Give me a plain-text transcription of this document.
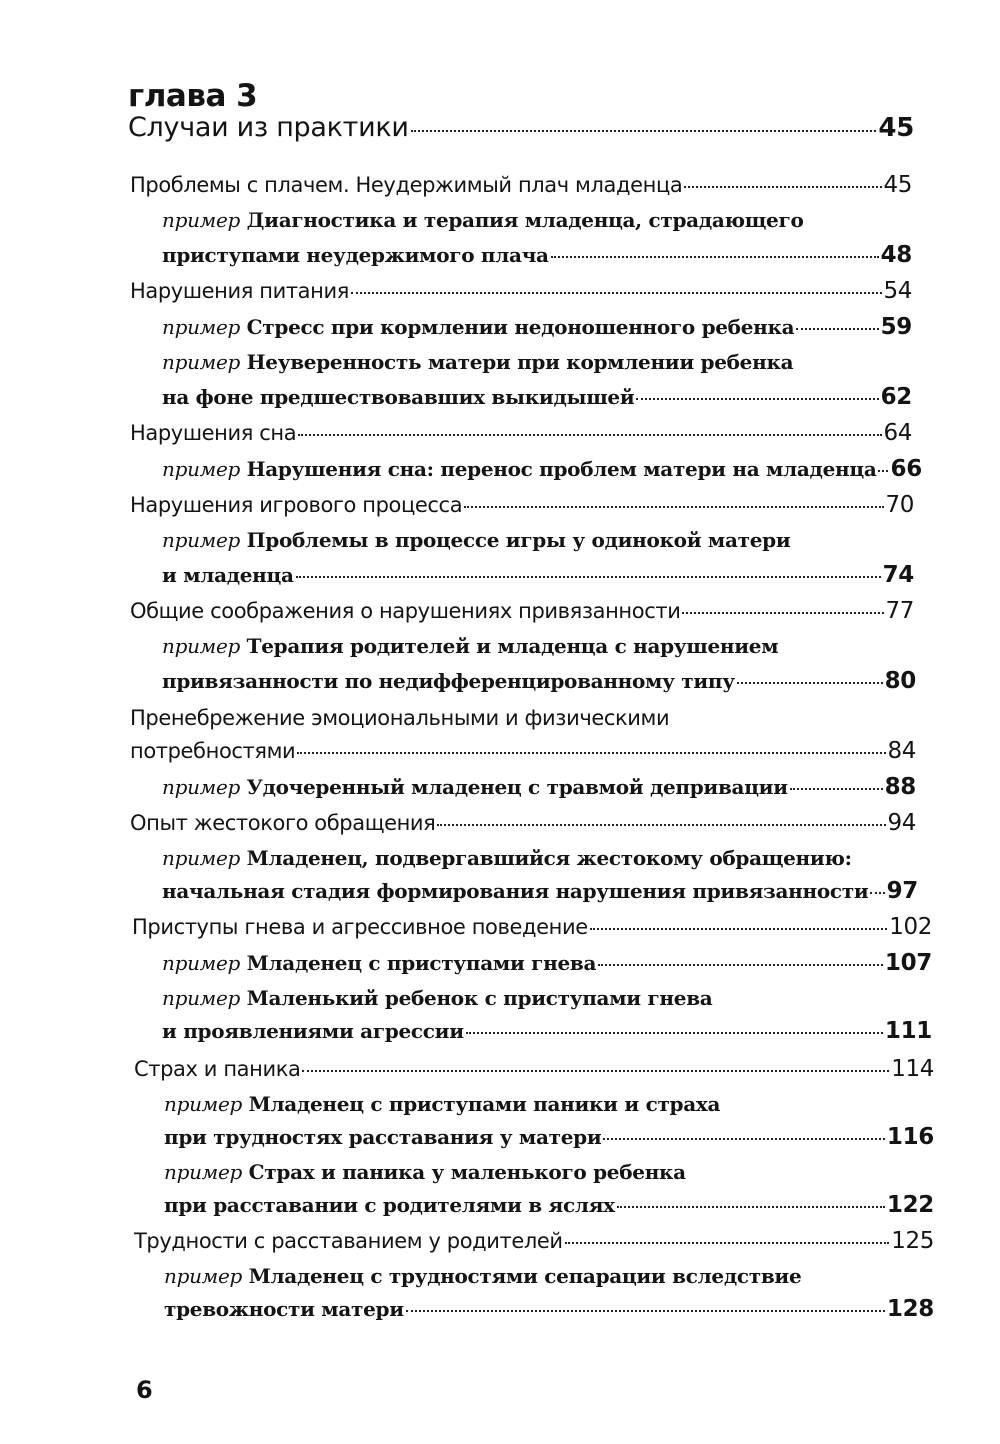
глава 3
Случаи из практики	45
Проблемы с плачем. Неудержимый плач младенца	45
пример Диагностика и терапия младенца, страдающего
приступами неудержимого плача	48
Нарушения питания	54
пример Стресс при кормлении недоношенного ребенка	59
пример Неуверенность матери при кормлении ребенка
на фоне предшествовавших выкидышей	62
Нарушения сна	64
пример Нарушения сна: перенос проблем матери на младенца 66
Нарушения игрового процесса	70
пример Проблемы в процессе игры у одинокой матери
и младенца	74
Общие соображения о нарушениях привязанности	77
пример Терапия родителей и младенца с нарушением
привязанности по недифференцированному типу	80
Пренебрежение эмоциональными и физическими
потребностями	84
пример Удочеренный младенец с травмой депривации	88
Опыт жестокого обращения	94
пример Младенец, подвергавшийся жестокому обращению:
начальная стадия формирования нарушения привязанности 97
Приступы гнева и агрессивное поведение	102
пример Младенец с приступами гнева	107
пример Маленький ребенок с приступами гнева
и проявлениями агрессии	111
Страх и паника	114
пример Младенец с приступами паники и страха
при трудностях расставания у матери	116
пример Страх и паника у маленького ребенка
при расставании с родителями в яслях	122
Трудности с расставанием у родителей	125
пример Младенец с трудностями сепарации вследствие
тревожности матери	128
6
